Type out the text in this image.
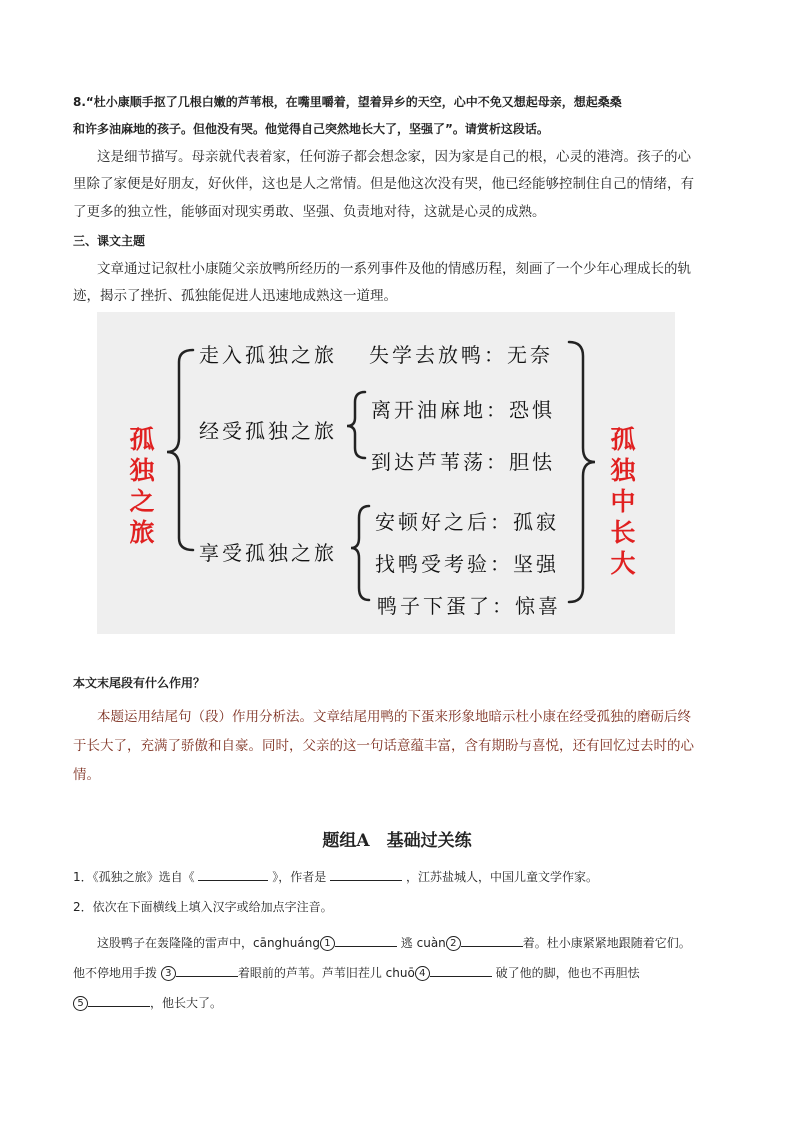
8.“杜小康顺手抠了几根白嫩的芦苇根，在嘴里嚼着，望着异乡的天空，心中不免又想起母亲，想起桑桑
和许多油麻地的孩子。但他没有哭。他觉得自己突然地长大了，坚强了”。请赏析这段话。
这是细节描写。母亲就代表着家，任何游子都会想念家，因为家是自己的根，心灵的港湾。孩子的心
里除了家便是好朋友，好伙伴，这也是人之常情。但是他这次没有哭，他已经能够控制住自己的情绪，有
了更多的独立性，能够面对现实勇敢、坚强、负责地对待，这就是心灵的成熟。
三、课文主题
文章通过记叙杜小康随父亲放鸭所经历的一系列事件及他的情感历程，刻画了一个少年心理成长的轨
迹，揭示了挫折、孤独能促进人迅速地成熟这一道理。
孤独之旅
孤独中长大
走入孤独之旅
经受孤独之旅
享受孤独之旅
失学去放鸭：无奈
离开油麻地：恐惧
到达芦苇荡：胆怯
安顿好之后：孤寂
找鸭受考验：坚强
鸭子下蛋了：惊喜
本文末尾段有什么作用？
本题运用结尾句（段）作用分析法。文章结尾用鸭的下蛋来形象地暗示杜小康在经受孤独的磨砺后终
于长大了，充满了骄傲和自豪。同时，父亲的这一句话意蕴丰富，含有期盼与喜悦，还有回忆过去时的心
情。
题组A　基础过关练
1．《孤独之旅》选自《	》，作者是	，江苏盐城人，中国儿童文学作家。
2．依次在下面横线上填入汉字或给加点字注音。
这股鸭子在轰隆隆的雷声中，cānghuáng 1	逃 cuàn 2	着。杜小康紧紧地跟随着它们。
他不停地用手拨 3	着眼前的芦苇。芦苇旧茬儿 chuō 4	破了他的脚，他也不再胆怯
5	，他长大了。
